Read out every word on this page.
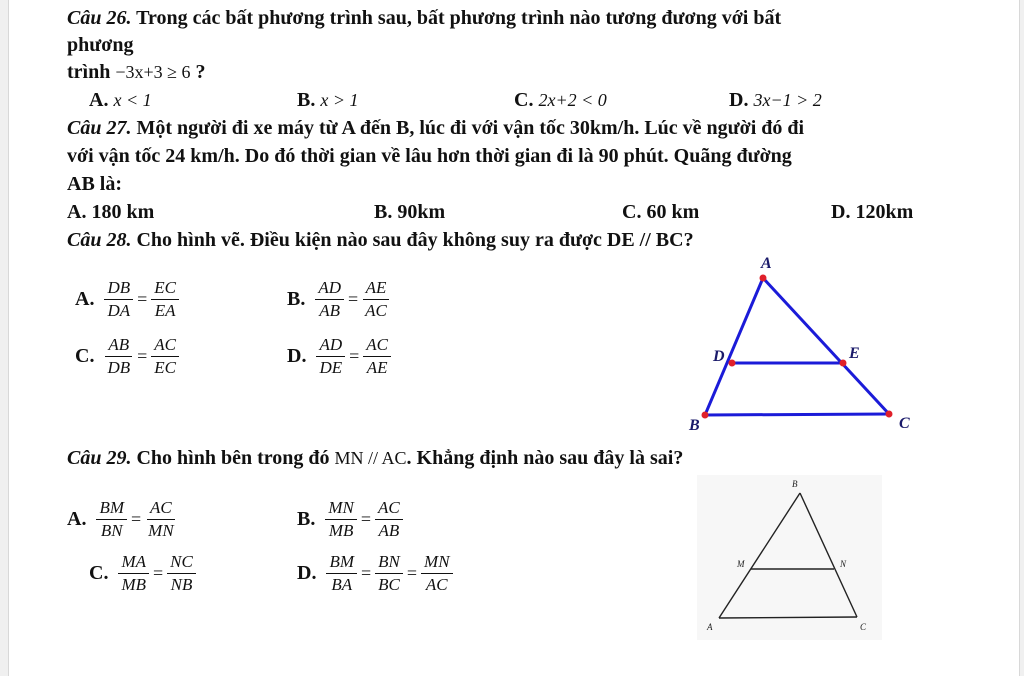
Câu 26. Trong các bất phương trình sau, bất phương trình nào tương đương với bất
phương
trình −3x+3 ≥ 6 ?
A. x < 1	B. x > 1	C. 2x+2 < 0	D. 3x−1 > 2
Câu 27. Một người đi xe máy từ A đến B, lúc đi với vận tốc 30km/h. Lúc về người đó đi
với vận tốc 24 km/h. Do đó thời gian về lâu hơn thời gian đi là 90 phút. Quãng đường
AB là:
A. 180 km	B. 90km	C. 60 km	D. 120km
Câu 28. Cho hình vẽ. Điều kiện nào sau đây không suy ra được DE // BC?
A. $\frac{DB}{DA} = \frac{EC}{EA}$	B. $\frac{AD}{AB} = \frac{AE}{AC}$
C. $\frac{AB}{DB} = \frac{AC}{EC}$	D. $\frac{AD}{DE} = \frac{AC}{AE}$
A
D	E
B	C
Câu 29. Cho hình bên trong đó MN // AC. Khẳng định nào sau đây là sai?
A. $\frac{BM}{BN} = \frac{AC}{MN}$	B. $\frac{MN}{MB} = \frac{AC}{AB}$
C. $\frac{MA}{MB} = \frac{NC}{NB}$	D. $\frac{BM}{BA} = \frac{BN}{BC} = \frac{MN}{AC}$
B
M	N
A	C
